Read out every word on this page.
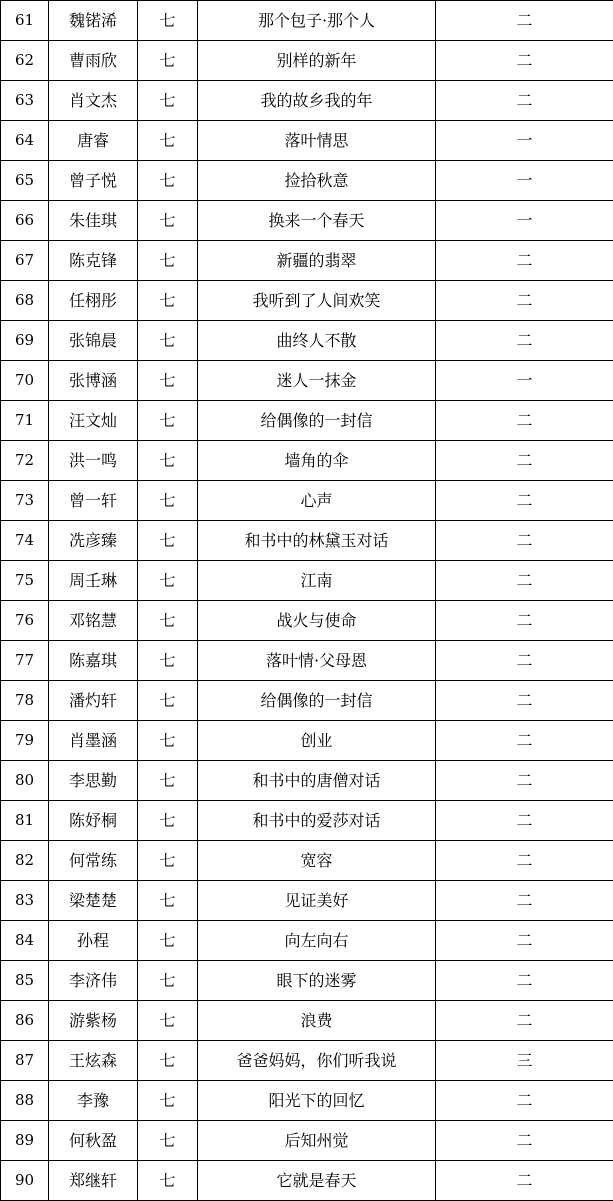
61	魏锘浠	七	那个包子·那个人	二
62	曹雨欣	七	别样的新年	二
63	肖文杰	七	我的故乡我的年	二
64	唐睿	七	落叶情思	一
65	曾子悦	七	捡拾秋意	一
66	朱佳琪	七	换来一个春天	一
67	陈克锋	七	新疆的翡翠	二
68	任栩彤	七	我听到了人间欢笑	二
69	张锦晨	七	曲终人不散	二
70	张博涵	七	迷人一抹金	一
71	汪文灿	七	给偶像的一封信	二
72	洪一鸣	七	墙角的伞	二
73	曾一轩	七	心声	二
74	冼彦臻	七	和书中的林黛玉对话	二
75	周壬琳	七	江南	二
76	邓铭慧	七	战火与使命	二
77	陈嘉琪	七	落叶情·父母恩	二
78	潘灼轩	七	给偶像的一封信	二
79	肖墨涵	七	创业	二
80	李思勤	七	和书中的唐僧对话	二
81	陈妤桐	七	和书中的爱莎对话	二
82	何常练	七	宽容	二
83	梁楚楚	七	见证美好	二
84	孙程	七	向左向右	二
85	李济伟	七	眼下的迷雾	二
86	游紫杨	七	浪费	二
87	王炫森	七	爸爸妈妈，你们听我说	三
88	李豫	七	阳光下的回忆	二
89	何秋盈	七	后知州觉	二
90	郑继轩	七	它就是春天	二
